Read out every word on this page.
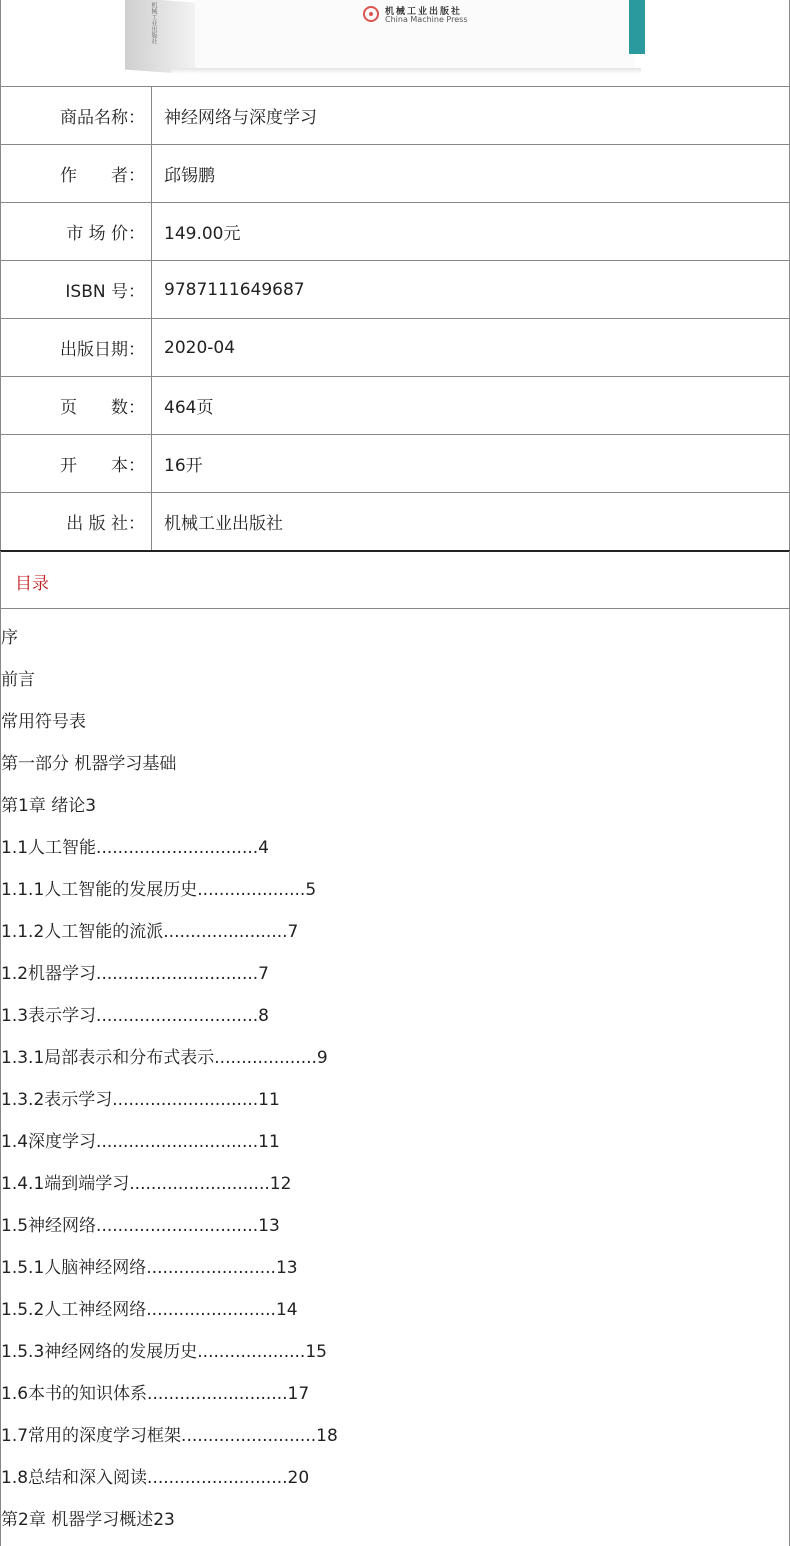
机械工业出版社	机械工业出版社
China Machine Press
商品名称：	神经网络与深度学习
作　　者：	邱锡鹏
市 场 价：	149.00元
ISBN 号：	9787111649687
出版日期：	2020-04
页　　数：	464页
开　　本：	16开
出 版 社：	机械工业出版社
目录
序
前言
常用符号表
第一部分 机器学习基础
第1章 绪论3
1.1人工智能..............................4
1.1.1人工智能的发展历史....................5
1.1.2人工智能的流派.......................7
1.2机器学习..............................7
1.3表示学习..............................8
1.3.1局部表示和分布式表示...................9
1.3.2表示学习...........................11
1.4深度学习..............................11
1.4.1端到端学习..........................12
1.5神经网络..............................13
1.5.1人脑神经网络........................13
1.5.2人工神经网络........................14
1.5.3神经网络的发展历史....................15
1.6本书的知识体系..........................17
1.7常用的深度学习框架.........................18
1.8总结和深入阅读..........................20
第2章 机器学习概述23
